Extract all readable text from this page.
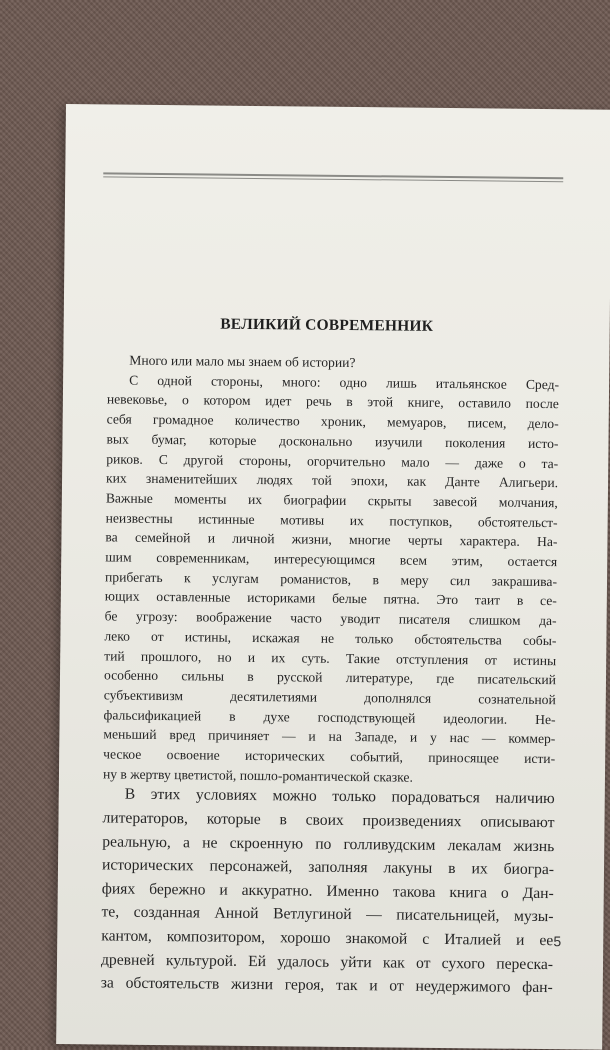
ВЕЛИКИЙ СОВРЕМЕННИК
Много или мало мы знаем об истории?
С одной стороны, много: одно лишь итальянское Сред-
невековье, о котором идет речь в этой книге, оставило после
себя громадное количество хроник, мемуаров, писем, дело-
вых бумаг, которые досконально изучили поколения исто-
риков. С другой стороны, огорчительно мало — даже о та-
ких знаменитейших людях той эпохи, как Данте Алигьери.
Важные моменты их биографии скрыты завесой молчания,
неизвестны истинные мотивы их поступков, обстоятельст-
ва семейной и личной жизни, многие черты характера. На-
шим современникам, интересующимся всем этим, остается
прибегать к услугам романистов, в меру сил закрашива-
ющих оставленные историками белые пятна. Это таит в се-
бе угрозу: воображение часто уводит писателя слишком да-
леко от истины, искажая не только обстоятельства собы-
тий прошлого, но и их суть. Такие отступления от истины
особенно сильны в русской литературе, где писательский
субъективизм десятилетиями дополнялся сознательной
фальсификацией в духе господствующей идеологии. Не-
меньший вред причиняет — и на Западе, и у нас — коммер-
ческое освоение исторических событий, приносящее исти-
ну в жертву цветистой, пошло-романтической сказке.
В этих условиях можно только порадоваться наличию
литераторов, которые в своих произведениях описывают
реальную, а не скроенную по голливудским лекалам жизнь
исторических персонажей, заполняя лакуны в их биогра-
фиях бережно и аккуратно. Именно такова книга о Дан-
те, созданная Анной Ветлугиной — писательницей, музы-
кантом, композитором, хорошо знакомой с Италией и ее
древней культурой. Ей удалось уйти как от сухого переска-
за обстоятельств жизни героя, так и от неудержимого фан-
5
